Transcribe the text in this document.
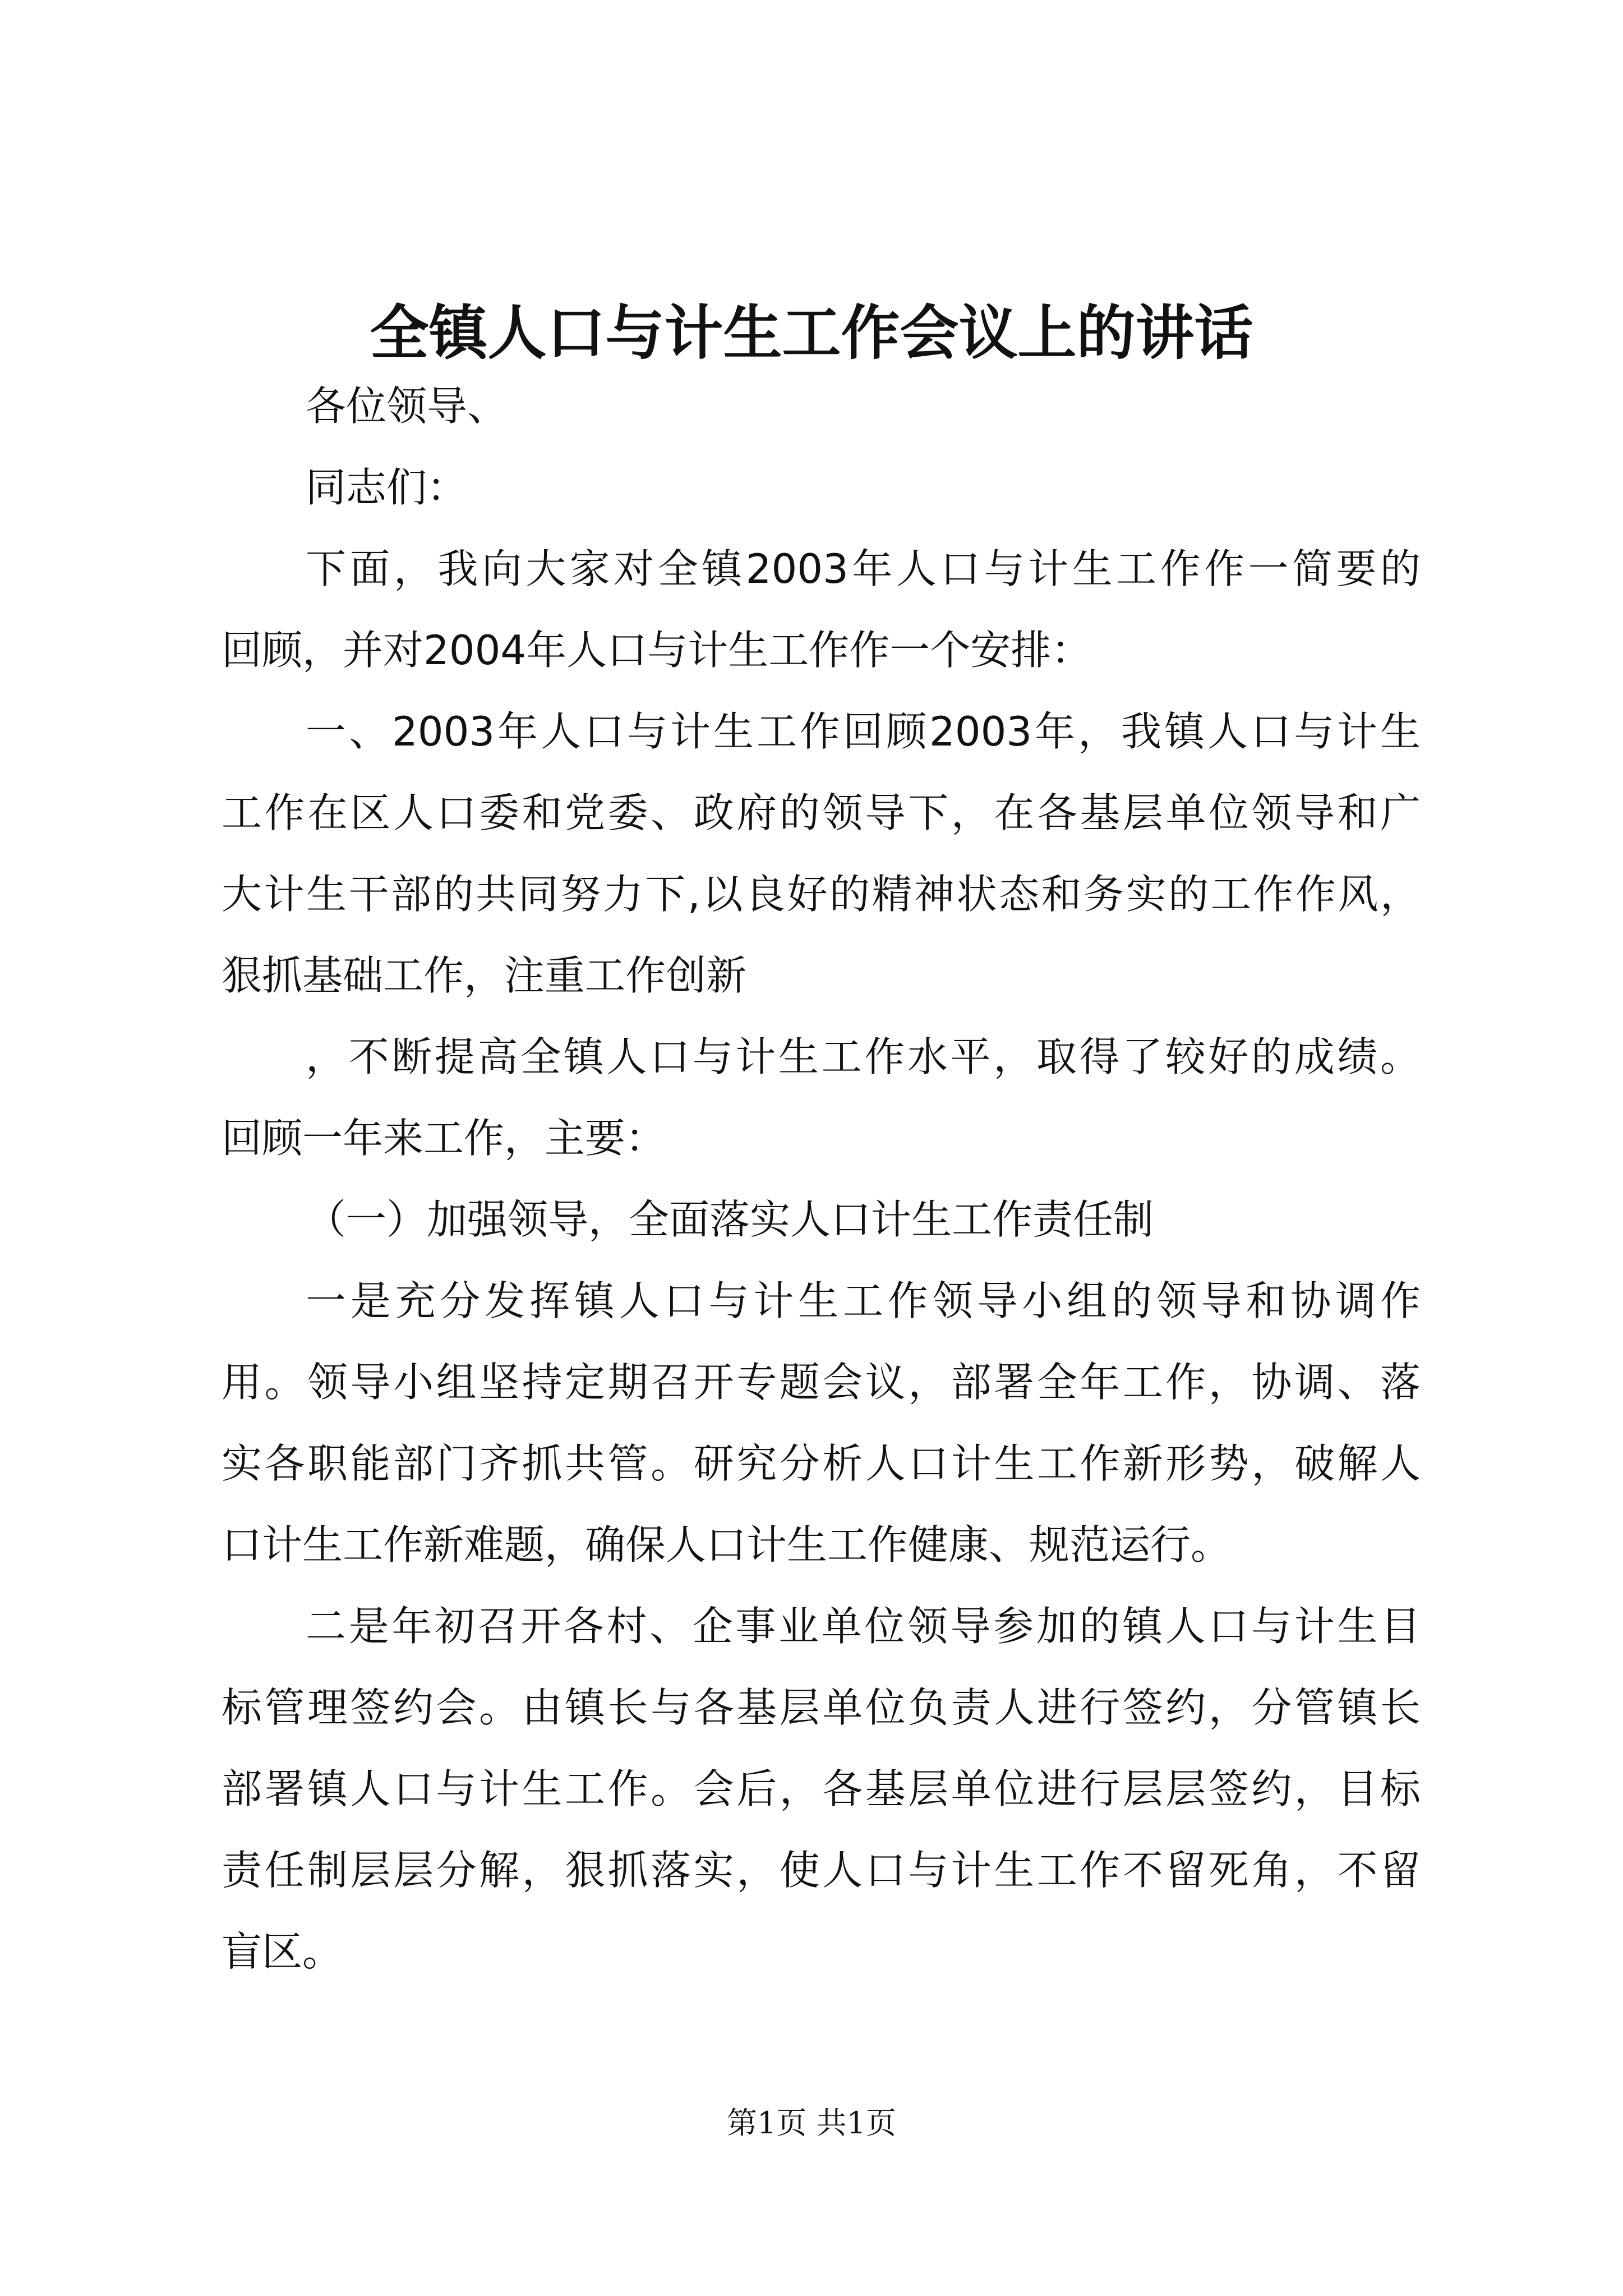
全镇人口与计生工作会议上的讲话
各位领导、
同志们：
下面，我向大家对全镇2003年人口与计生工作作一简要的
回顾，并对2004年人口与计生工作作一个安排：
一、2003年人口与计生工作回顾2003年，我镇人口与计生
工作在区人口委和党委、政府的领导下，在各基层单位领导和广
大计生干部的共同努力下,以良好的精神状态和务实的工作作风，
狠抓基础工作，注重工作创新
，不断提高全镇人口与计生工作水平，取得了较好的成绩。
回顾一年来工作，主要：
（一）加强领导，全面落实人口计生工作责任制
一是充分发挥镇人口与计生工作领导小组的领导和协调作
用。领导小组坚持定期召开专题会议，部署全年工作，协调、落
实各职能部门齐抓共管。研究分析人口计生工作新形势，破解人
口计生工作新难题，确保人口计生工作健康、规范运行。
二是年初召开各村、企事业单位领导参加的镇人口与计生目
标管理签约会。由镇长与各基层单位负责人进行签约，分管镇长
部署镇人口与计生工作。会后，各基层单位进行层层签约，目标
责任制层层分解，狠抓落实，使人口与计生工作不留死角，不留
盲区。
第1页 共1页
